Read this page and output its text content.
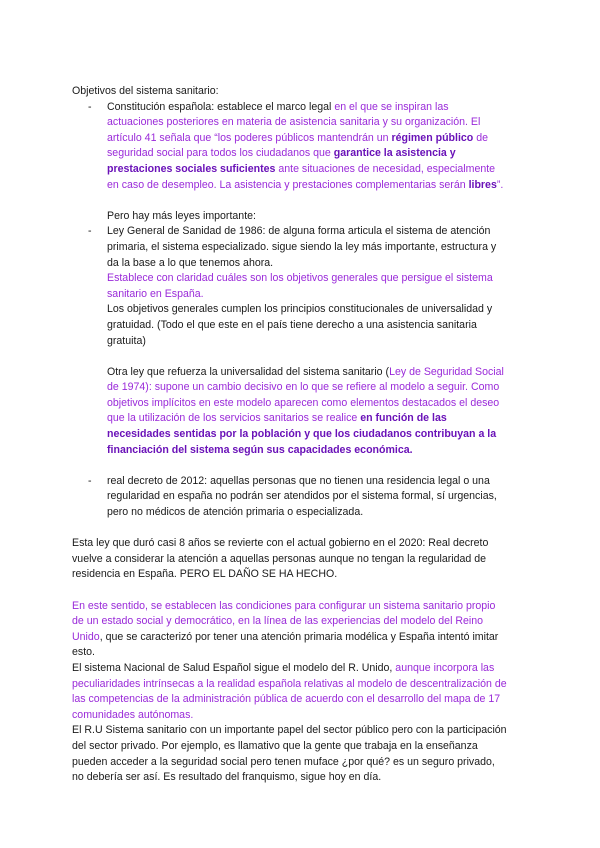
Objetivos del sistema sanitario:
- Constitución española: establece el marco legal en el que se inspiran las
actuaciones posteriores en materia de asistencia sanitaria y su organización. El
artículo 41 señala que “los poderes públicos mantendrán un régimen público de
seguridad social para todos los ciudadanos que garantice la asistencia y
prestaciones sociales suficientes ante situaciones de necesidad, especialmente
en caso de desempleo. La asistencia y prestaciones complementarias serán libres”.
Pero hay más leyes importante:
- Ley General de Sanidad de 1986: de alguna forma articula el sistema de atención
primaria, el sistema especializado. sigue siendo la ley más importante, estructura y
da la base a lo que tenemos ahora.
Establece con claridad cuáles son los objetivos generales que persigue el sistema
sanitario en España.
Los objetivos generales cumplen los principios constitucionales de universalidad y
gratuidad. (Todo el que este en el país tiene derecho a una asistencia sanitaria
gratuita)
Otra ley que refuerza la universalidad del sistema sanitario (Ley de Seguridad Social
de 1974): supone un cambio decisivo en lo que se refiere al modelo a seguir. Como
objetivos implícitos en este modelo aparecen como elementos destacados el deseo
que la utilización de los servicios sanitarios se realice en función de las
necesidades sentidas por la población y que los ciudadanos contribuyan a la
financiación del sistema según sus capacidades económica.
- real decreto de 2012: aquellas personas que no tienen una residencia legal o una
regularidad en españa no podrán ser atendidos por el sistema formal, sí urgencias,
pero no médicos de atención primaria o especializada.
Esta ley que duró casi 8 años se revierte con el actual gobierno en el 2020: Real decreto
vuelve a considerar la atención a aquellas personas aunque no tengan la regularidad de
residencia en España. PERO EL DAÑO SE HA HECHO.
En este sentido, se establecen las condiciones para configurar un sistema sanitario propio
de un estado social y democrático, en la línea de las experiencias del modelo del Reino
Unido, que se caracterizó por tener una atención primaria modélica y España intentó imitar
esto.
El sistema Nacional de Salud Español sigue el modelo del R. Unido, aunque incorpora las
peculiaridades intrínsecas a la realidad española relativas al modelo de descentralización de
las competencias de la administración pública de acuerdo con el desarrollo del mapa de 17
comunidades autónomas.
El R.U Sistema sanitario con un importante papel del sector público pero con la participación
del sector privado. Por ejemplo, es llamativo que la gente que trabaja en la enseñanza
pueden acceder a la seguridad social pero tenen muface ¿por qué? es un seguro privado,
no debería ser así. Es resultado del franquismo, sigue hoy en día.
